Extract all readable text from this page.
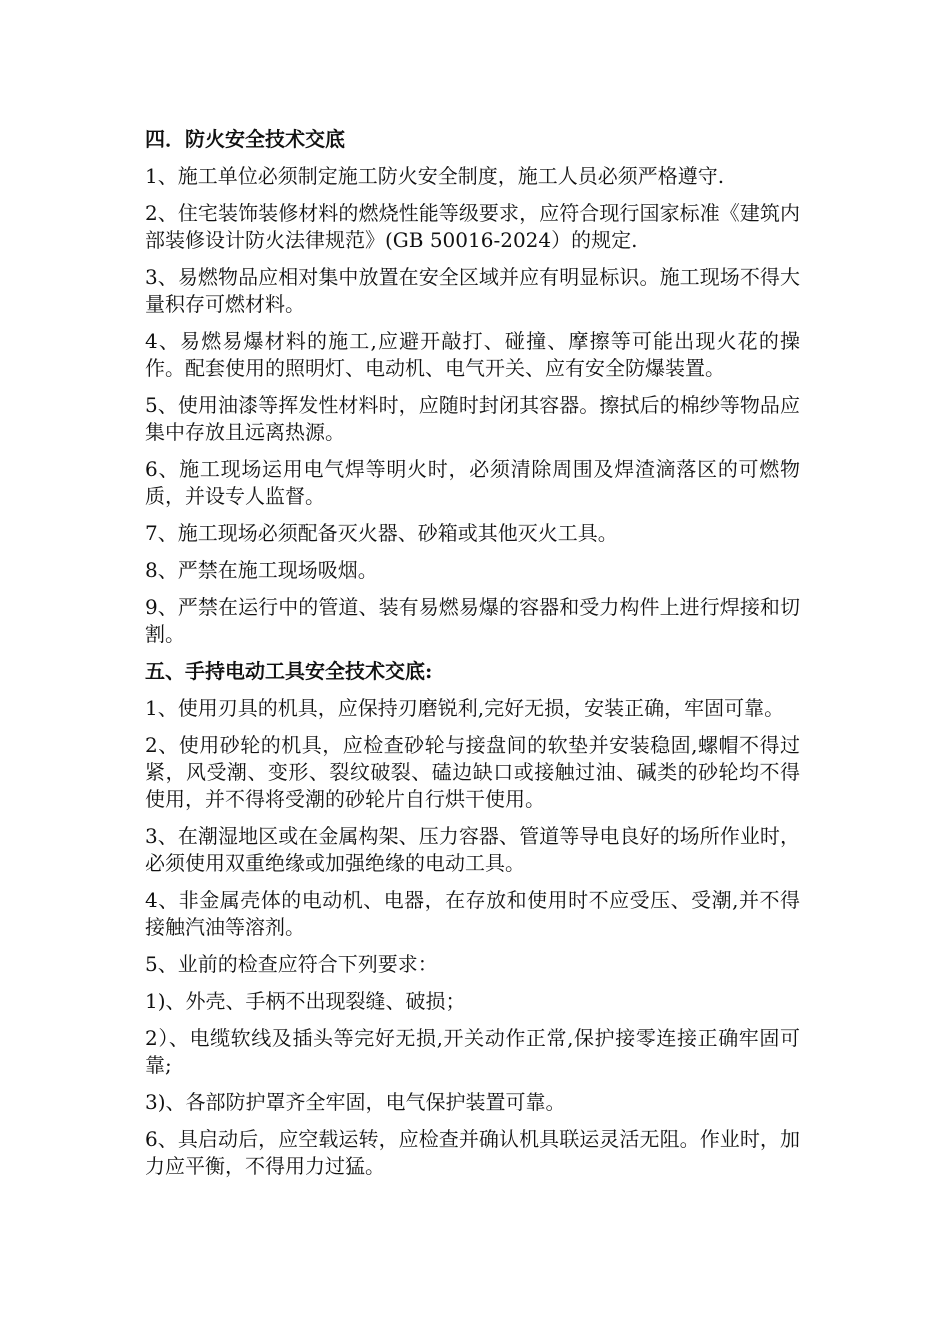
四．防火安全技术交底

1、施工单位必须制定施工防火安全制度，施工人员必须严格遵守.

2、住宅装饰装修材料的燃烧性能等级要求，应符合现行国家标准《建筑内部装修设计防火法律规范》(GB 50016-2024）的规定.

3、易燃物品应相对集中放置在安全区域并应有明显标识。施工现场不得大量积存可燃材料。

4、易燃易爆材料的施工,应避开敲打、碰撞、摩擦等可能出现火花的操作。配套使用的照明灯、电动机、电气开关、应有安全防爆装置。

5、使用油漆等挥发性材料时，应随时封闭其容器。擦拭后的棉纱等物品应集中存放且远离热源。

6、施工现场运用电气焊等明火时，必须清除周围及焊渣滴落区的可燃物质，并设专人监督。

7、施工现场必须配备灭火器、砂箱或其他灭火工具。

8、严禁在施工现场吸烟。

9、严禁在运行中的管道、装有易燃易爆的容器和受力构件上进行焊接和切割。

五、手持电动工具安全技术交底:

1、使用刃具的机具，应保持刃磨锐利,完好无损，安装正确，牢固可靠。

2、使用砂轮的机具，应检查砂轮与接盘间的软垫并安装稳固,螺帽不得过紧，风受潮、变形、裂纹破裂、磕边缺口或接触过油、碱类的砂轮均不得使用，并不得将受潮的砂轮片自行烘干使用。

3、在潮湿地区或在金属构架、压力容器、管道等导电良好的场所作业时，必须使用双重绝缘或加强绝缘的电动工具。

4、非金属壳体的电动机、电器，在存放和使用时不应受压、受潮,并不得接触汽油等溶剂。

5、业前的检查应符合下列要求：

1)、外壳、手柄不出现裂缝、破损；

2）、电缆软线及插头等完好无损,开关动作正常,保护接零连接正确牢固可靠;

3)、各部防护罩齐全牢固，电气保护装置可靠。

6、具启动后，应空载运转，应检查并确认机具联运灵活无阻。作业时，加力应平衡，不得用力过猛。
